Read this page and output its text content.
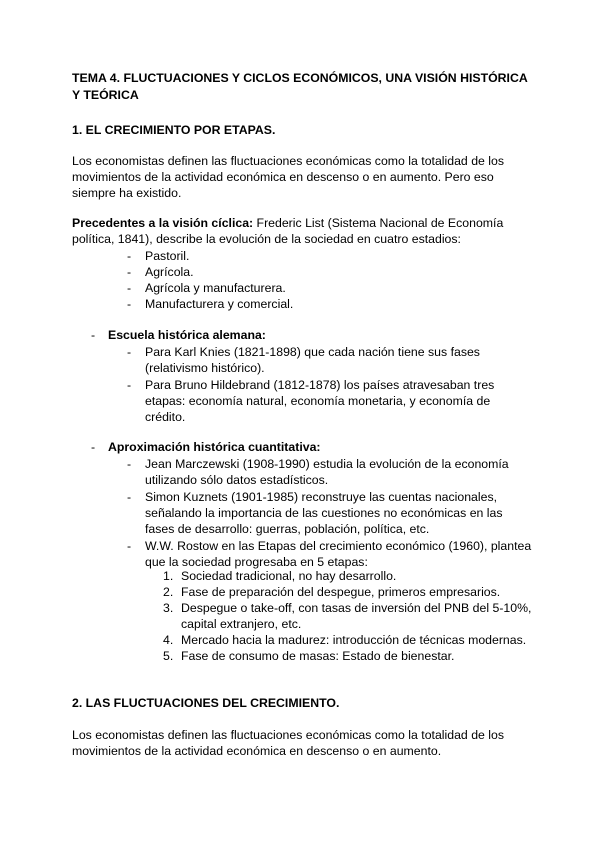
TEMA 4. FLUCTUACIONES Y CICLOS ECONÓMICOS, UNA VISIÓN HISTÓRICA
Y TEÓRICA
1. EL CRECIMIENTO POR ETAPAS.
Los economistas definen las fluctuaciones económicas como la totalidad de los
movimientos de la actividad económica en descenso o en aumento. Pero eso
siempre ha existido.
Precedentes a la visión cíclica: Frederic List (Sistema Nacional de Economía
política, 1841), describe la evolución de la sociedad en cuatro estadios:
- Pastoril.
- Agrícola.
- Agrícola y manufacturera.
- Manufacturera y comercial.
- Escuela histórica alemana:
- Para Karl Knies (1821-1898) que cada nación tiene sus fases
(relativismo histórico).
- Para Bruno Hildebrand (1812-1878) los países atravesaban tres
etapas: economía natural, economía monetaria, y economía de
crédito.
- Aproximación histórica cuantitativa:
- Jean Marczewski (1908-1990) estudia la evolución de la economía
utilizando sólo datos estadísticos.
- Simon Kuznets (1901-1985) reconstruye las cuentas nacionales,
señalando la importancia de las cuestiones no económicas en las
fases de desarrollo: guerras, población, política, etc.
- W.W. Rostow en las Etapas del crecimiento económico (1960), plantea
que la sociedad progresaba en 5 etapas:
1. Sociedad tradicional, no hay desarrollo.
2. Fase de preparación del despegue, primeros empresarios.
3. Despegue o take-off, con tasas de inversión del PNB del 5-10%,
capital extranjero, etc.
4. Mercado hacia la madurez: introducción de técnicas modernas.
5. Fase de consumo de masas: Estado de bienestar.
2. LAS FLUCTUACIONES DEL CRECIMIENTO.
Los economistas definen las fluctuaciones económicas como la totalidad de los
movimientos de la actividad económica en descenso o en aumento.
